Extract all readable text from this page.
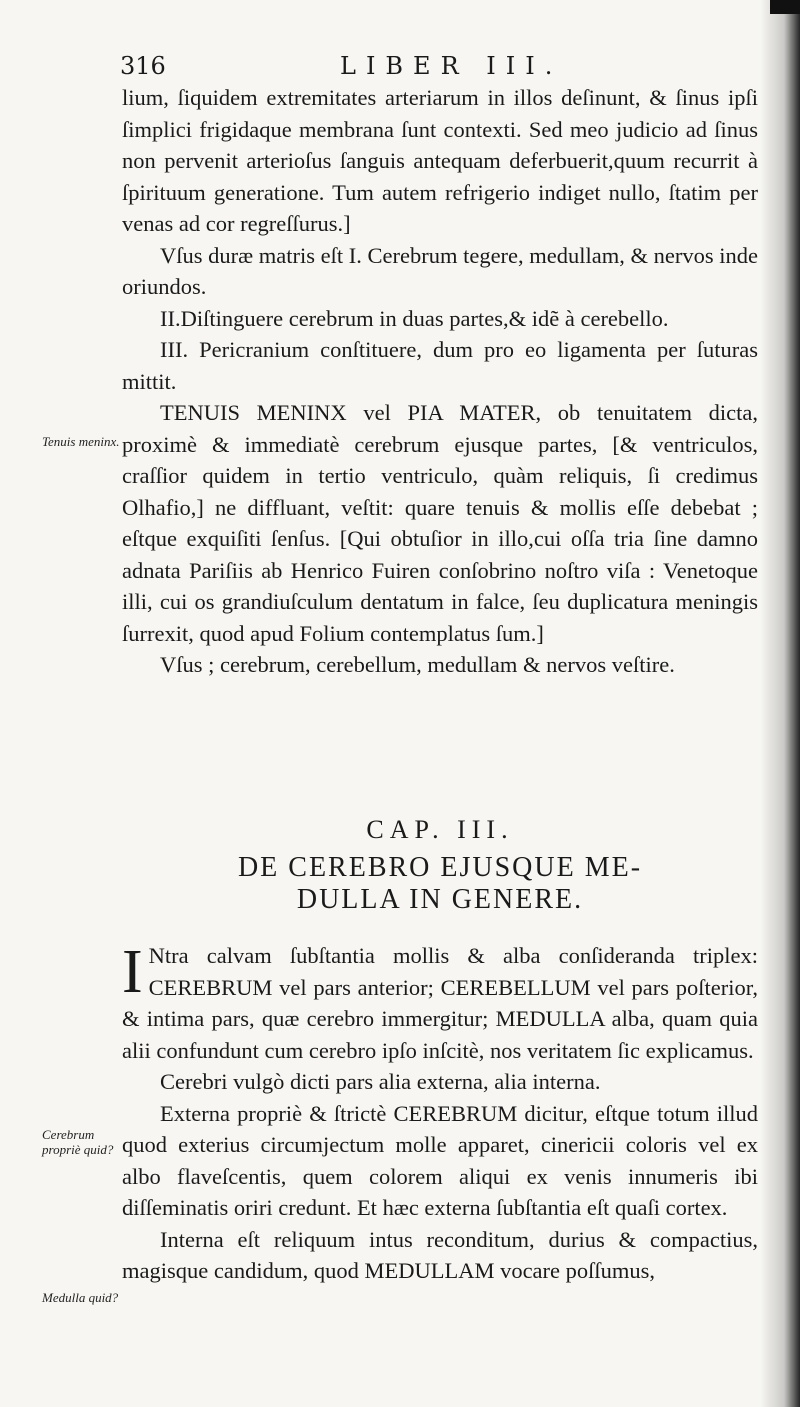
316	LIBER III.

lium, ſiquidem extremitates arteriarum in illos deſinunt, & ſinus ipſi ſimplici frigidaque membrana ſunt contexti. Sed meo judicio ad ſinus non pervenit arterioſus ſanguis antequam deferbuerit,quum recurrit à ſpirituum generatione. Tum autem refrigerio indiget nullo, ſtatim per venas ad cor regreſſurus.]

Vſus duræ matris eſt I. Cerebrum tegere, medullam, & nervos inde oriundos.

II.Diſtinguere cerebrum in duas partes,& idẽ à cerebello.

III. Pericranium conſtituere, dum pro eo ligamenta per ſuturas mittit.

TENUIS MENINX vel PIA MATER, ob tenuitatem dicta, proximè & immediatè cerebrum ejusque partes, [& ventriculos, craſſior quidem in tertio ventriculo, quàm reliquis, ſi credimus Olhafio,] ne diffluant, veſtit: quare tenuis & mollis eſſe debebat ; eſtque exquiſiti ſenſus. [Qui obtuſior in illo,cui oſſa tria ſine damno adnata Pariſiis ab Henrico Fuiren conſobrino noſtro viſa : Venetoque illi, cui os grandiuſculum dentatum in falce, ſeu duplicatura meningis ſurrexit, quod apud Folium contemplatus ſum.]

Vſus ; cerebrum, cerebellum, medullam & nervos veſtire.

CAP. III.
DE CEREBRO EJUSQUE ME-
DULLA IN GENERE.

I Ntra calvam ſubſtantia mollis & alba conſideranda triplex: CEREBRUM vel pars anterior; CEREBELLUM vel pars poſterior, & intima pars, quæ cerebro immergitur; MEDULLA alba, quam quia alii confundunt cum cerebro ipſo inſcitè, nos veritatem ſic explicamus.

Cerebri vulgò dicti pars alia externa, alia interna.

Externa propriè & ſtrictè CEREBRUM dicitur, eſtque totum illud quod exterius circumjectum molle apparet, cinericii coloris vel ex albo flaveſcentis, quem colorem aliqui ex venis innumeris ibi diſſeminatis oriri credunt. Et hæc externa ſubſtantia eſt quaſi cortex.

Interna eſt reliquum intus reconditum, durius & compactius, magisque candidum, quod MEDULLAM vocare poſſumus,

Tenuis meninx.
Cerebrum propriè quid?
Medulla quid?
